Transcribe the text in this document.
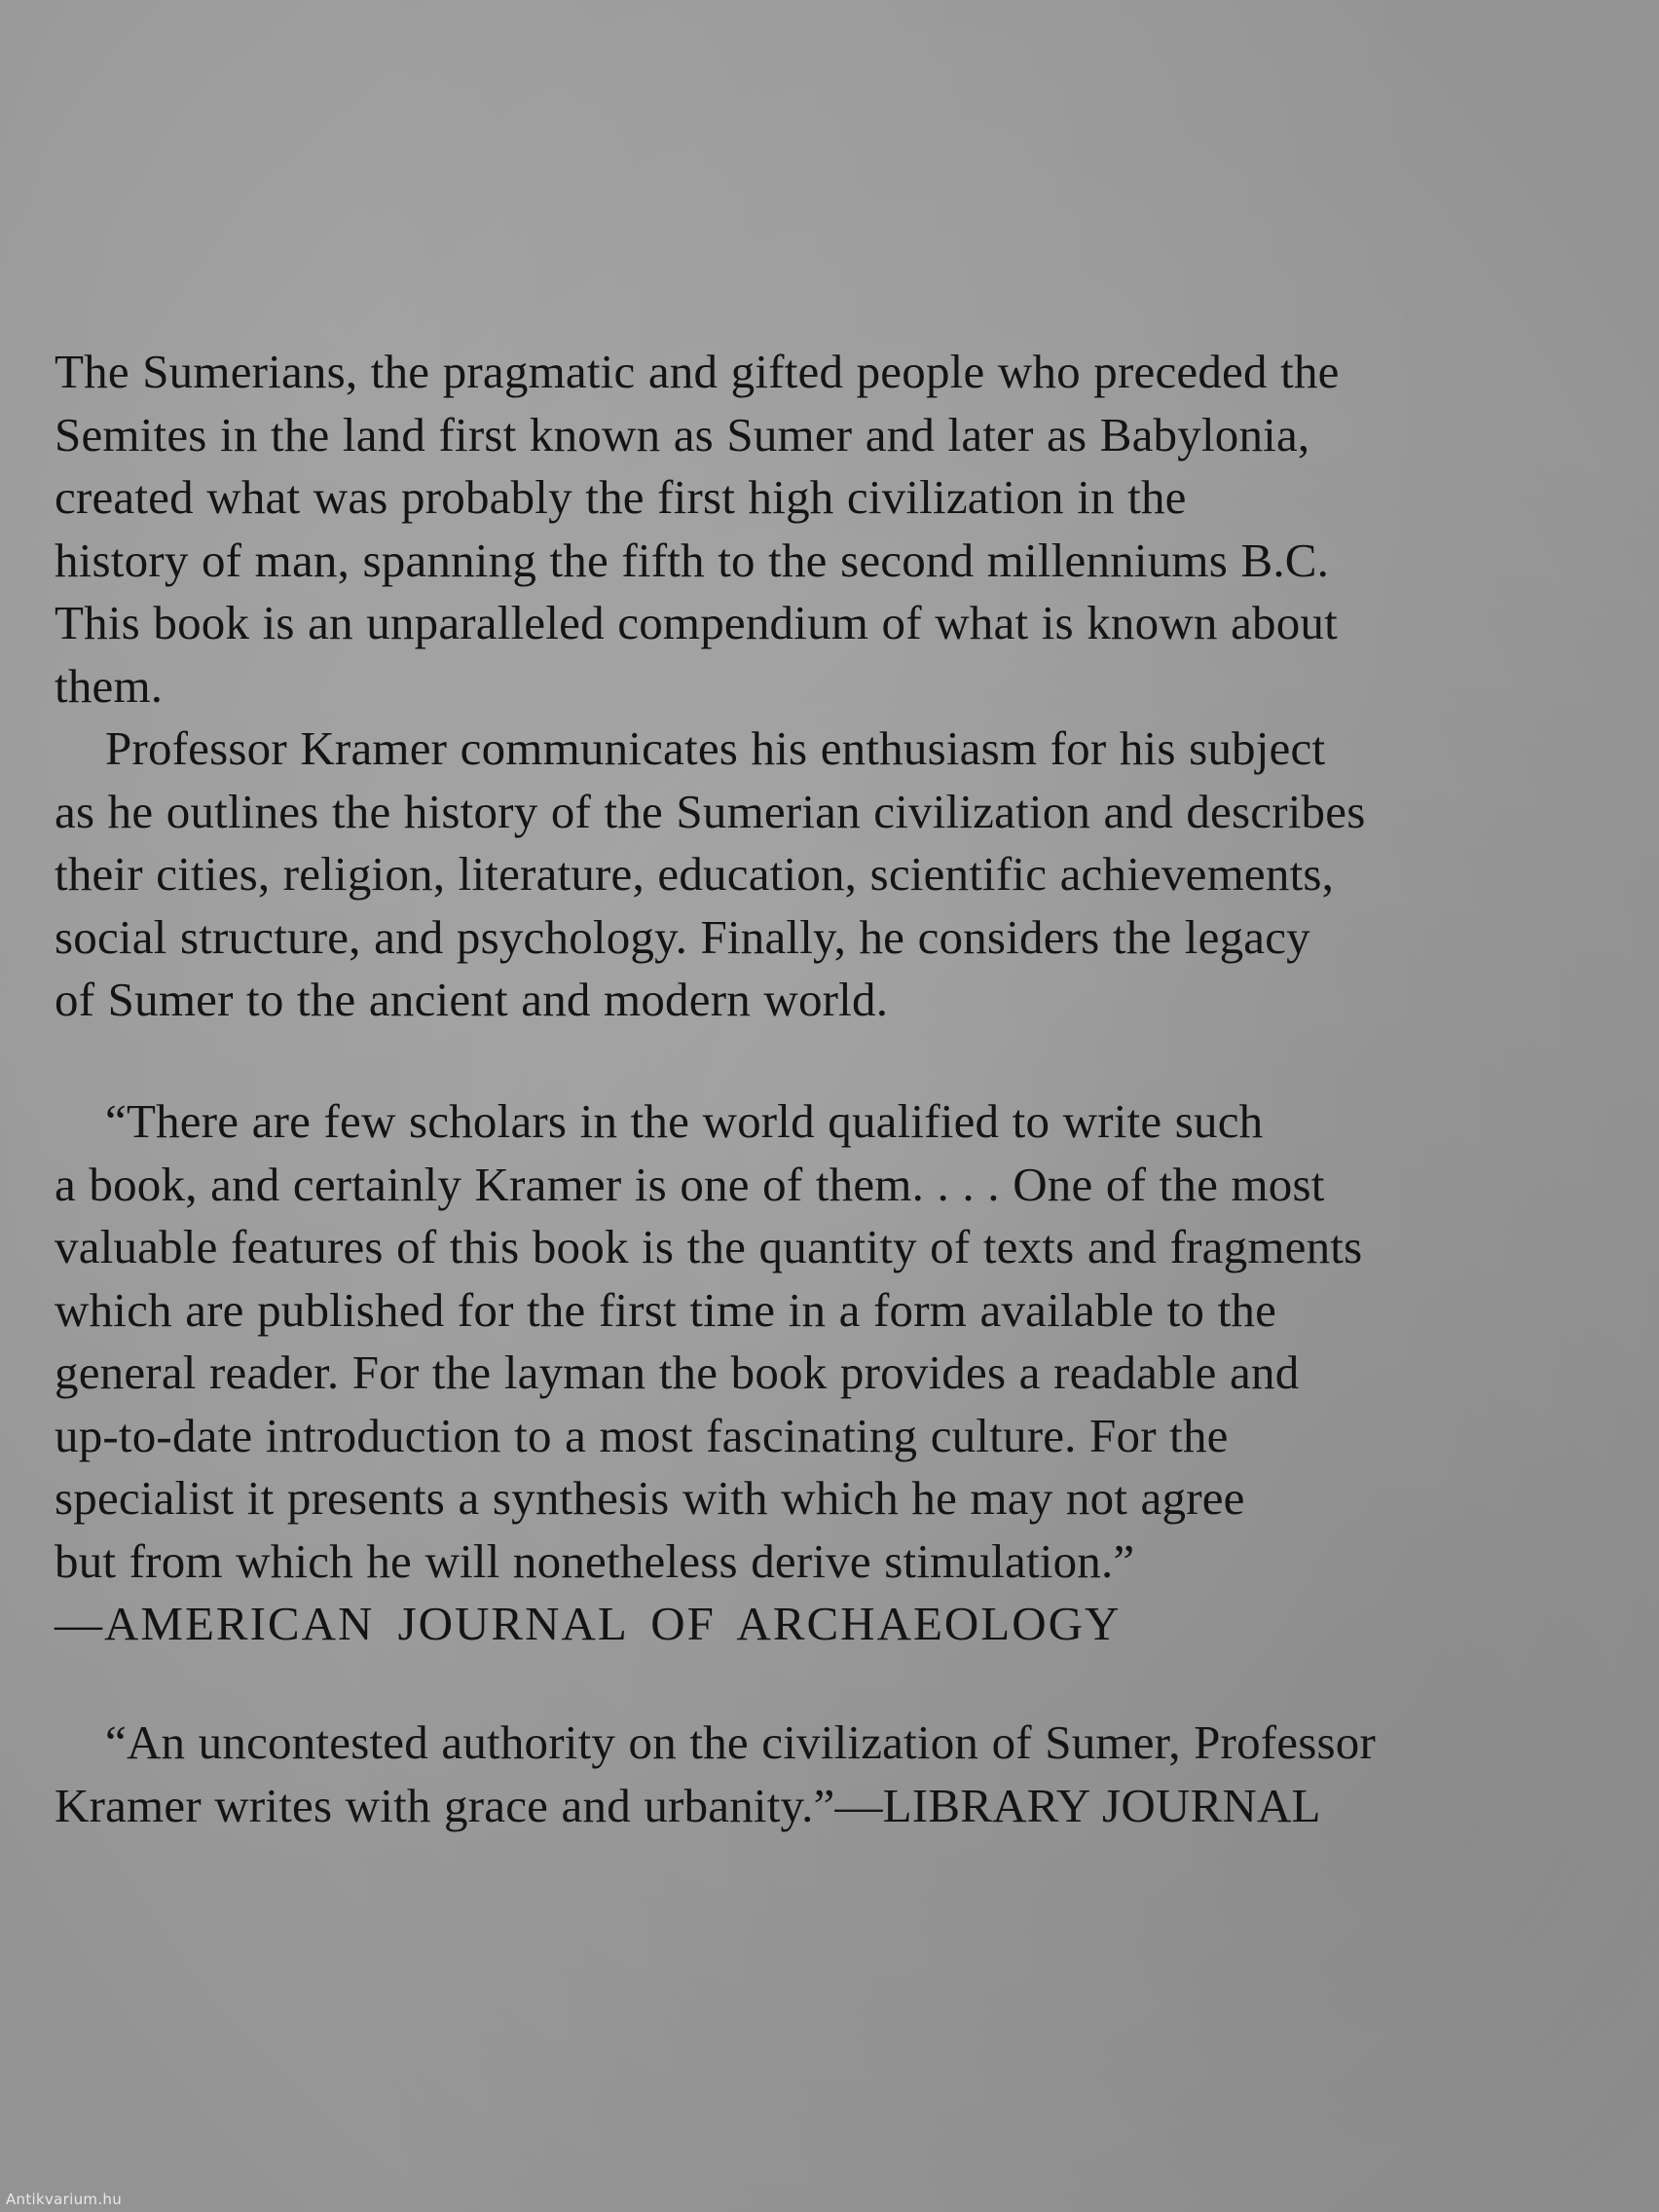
The Sumerians, the pragmatic and gifted people who preceded the
Semites in the land first known as Sumer and later as Babylonia,
created what was probably the first high civilization in the
history of man, spanning the fifth to the second millenniums B.C.
This book is an unparalleled compendium of what is known about
them.
Professor Kramer communicates his enthusiasm for his subject
as he outlines the history of the Sumerian civilization and describes
their cities, religion, literature, education, scientific achievements,
social structure, and psychology. Finally, he considers the legacy
of Sumer to the ancient and modern world.
“There are few scholars in the world qualified to write such
a book, and certainly Kramer is one of them. . . . One of the most
valuable features of this book is the quantity of texts and fragments
which are published for the first time in a form available to the
general reader. For the layman the book provides a readable and
up-to-date introduction to a most fascinating culture. For the
specialist it presents a synthesis with which he may not agree
but from which he will nonetheless derive stimulation.”
—AMERICAN JOURNAL OF ARCHAEOLOGY
“An uncontested authority on the civilization of Sumer, Professor
Kramer writes with grace and urbanity.”—LIBRARY JOURNAL
Antikvarium.hu
